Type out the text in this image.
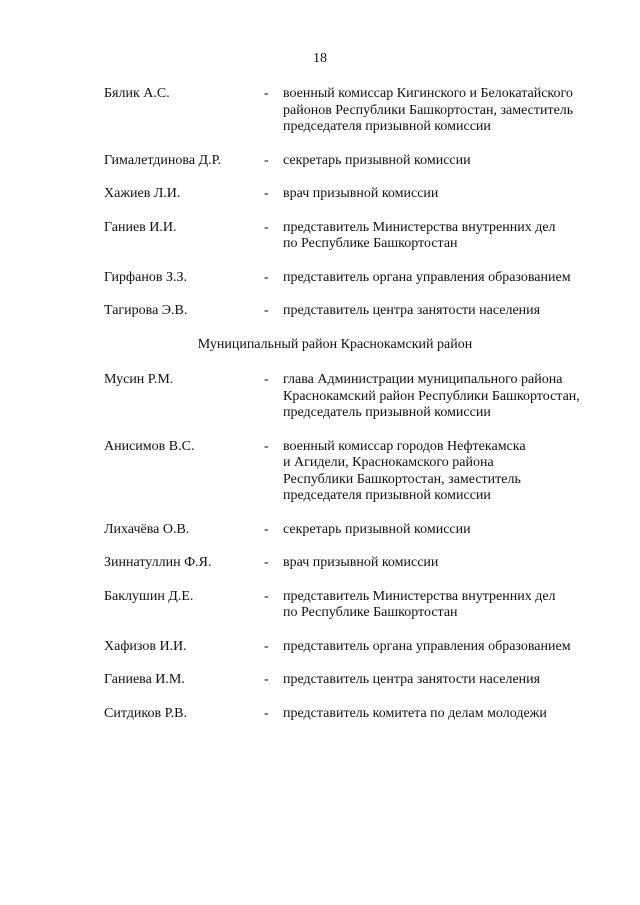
18
Бялик А.С.	- военный комиссар Кигинского и Белокатайского
районов Республики Башкортостан, заместитель
председателя призывной комиссии
Гималетдинова Д.Р.	- секретарь призывной комиссии
Хажиев Л.И.	- врач призывной комиссии
Ганиев И.И.	- представитель Министерства внутренних дел
по Республике Башкортостан
Гирфанов З.З.	- представитель органа управления образованием
Тагирова Э.В.	- представитель центра занятости населения
Муниципальный район Краснокамский район
Мусин Р.М.	- глава Администрации муниципального района
Краснокамский район Республики Башкортостан,
председатель призывной комиссии
Анисимов В.С.	- военный комиссар городов Нефтекамска
и Агидели, Краснокамского района
Республики Башкортостан, заместитель
председателя призывной комиссии
Лихачёва О.В.	- секретарь призывной комиссии
Зиннатуллин Ф.Я.	- врач призывной комиссии
Баклушин Д.Е.	- представитель Министерства внутренних дел
по Республике Башкортостан
Хафизов И.И.	- представитель органа управления образованием
Ганиева И.М.	- представитель центра занятости населения
Ситдиков Р.В.	- представитель комитета по делам молодежи
